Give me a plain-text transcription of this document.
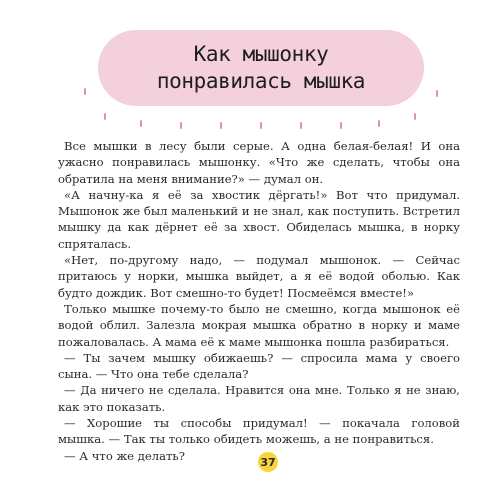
Как мышонку
понравилась мышка
Все мышки в лесу были серые. А одна белая-белая! И она
ужасно понравилась мышонку. «Что же сделать, чтобы она
обратила на меня внимание?» — думал он.
«А начну-ка я её за хвостик дёргать!» Вот что придумал.
Мышонок же был маленький и не знал, как поступить. Встретил
мышку да как дёрнет её за хвост. Обиделась мышка, в норку
спряталась.
«Нет, по-другому надо, — подумал мышонок. — Сейчас
притаюсь у норки, мышка выйдет, а я её водой оболью. Как
будто дождик. Вот смешно-то будет! Посмеёмся вместе!»
Только мышке почему-то было не смешно, когда мышонок её
водой облил. Залезла мокрая мышка обратно в норку и маме
пожаловалась. А мама её к маме мышонка пошла разбираться.
— Ты зачем мышку обижаешь? — спросила мама у своего
сына. — Что она тебе сделала?
— Да ничего не сделала. Нравится она мне. Только я не знаю,
как это показать.
— Хорошие ты способы придумал! — покачала головой
мышка. — Так ты только обидеть можешь, а не понравиться.
— А что же делать?	37
